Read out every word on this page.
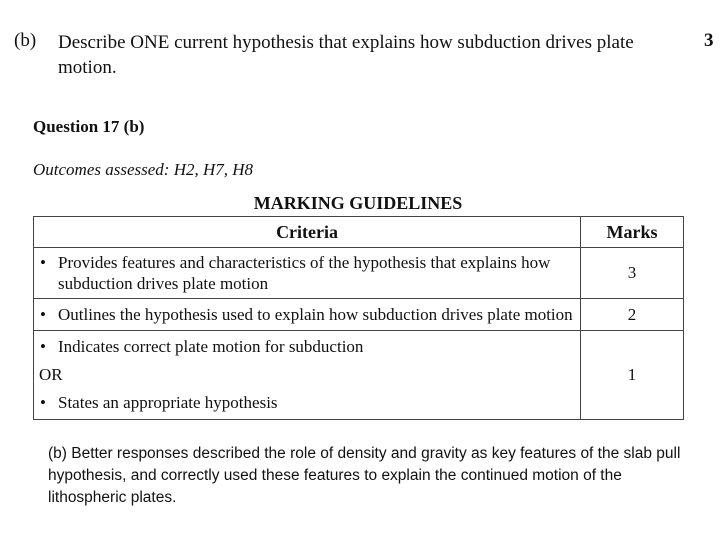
(b) Describe ONE current hypothesis that explains how subduction drives plate motion.
3
Question 17 (b)
Outcomes assessed: H2, H7, H8
MARKING GUIDELINES
Criteria	Marks

• Provides features and characteristics of the hypothesis that explains how subduction drives plate motion	3

• Outlines the hypothesis used to explain how subduction drives plate motion	2

• Indicates correct plate motion for subduction
OR
• States an appropriate hypothesis	1
(b) Better responses described the role of density and gravity as key features of the slab pull hypothesis, and correctly used these features to explain the continued motion of the lithospheric plates.
